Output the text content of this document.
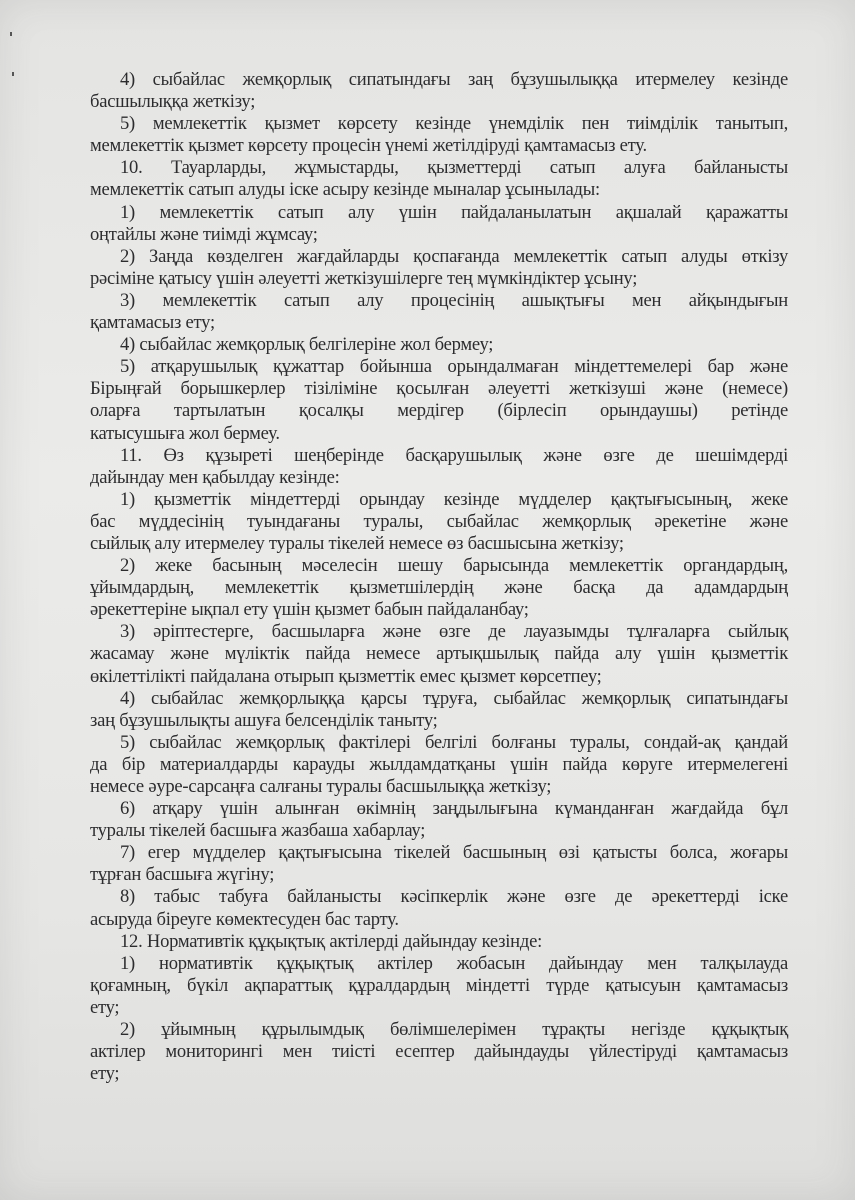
4) сыбайлас жемқорлық сипатындағы заң бұзушылыққа итермелеу кезінде
басшылыққа жеткізу;
5) мемлекеттік қызмет көрсету кезінде үнемділік пен тиімділік танытып,
мемлекеттік қызмет көрсету процесін үнемі жетілдіруді қамтамасыз ету.
10. Тауарларды, жұмыстарды, қызметтерді сатып алуға байланысты
мемлекеттік сатып алуды іске асыру кезінде мыналар ұсынылады:
1) мемлекеттік сатып алу үшін пайдаланылатын ақшалай қаражатты
оңтайлы және тиімді жұмсау;
2) Заңда көзделген жағдайларды қоспағанда мемлекеттік сатып алуды өткізу
рәсіміне қатысу үшін әлеуетті жеткізушілерге тең мүмкіндіктер ұсыну;
3) мемлекеттік сатып алу процесінің ашықтығы мен айқындығын
қамтамасыз ету;
4) сыбайлас жемқорлық белгілеріне жол бермеу;
5) атқарушылық құжаттар бойынша орындалмаған міндеттемелері бар және
Бірыңғай борышкерлер тізіліміне қосылған әлеуетті жеткізуші және (немесе)
оларға тартылатын қосалқы мердігер (бірлесіп орындаушы) ретінде
катысушыға жол бермеу.
11. Өз құзыреті шеңберінде басқарушылық және өзге де шешімдерді
дайындау мен қабылдау кезінде:
1) қызметтік міндеттерді орындау кезінде мүдделер қақтығысының, жеке
бас мүддесінің туындағаны туралы, сыбайлас жемқорлық әрекетіне және
сыйлық алу итермелеу туралы тікелей немесе өз басшысына жеткізу;
2) жеке басының мәселесін шешу барысында мемлекеттік органдардың,
ұйымдардың, мемлекеттік қызметшілердің және басқа да адамдардың
әрекеттеріне ықпал ету үшін қызмет бабын пайдаланбау;
3) әріптестерге, басшыларға және өзге де лауазымды тұлғаларға сыйлық
жасамау және мүліктік пайда немесе артықшылық пайда алу үшін қызметтік
өкілеттілікті пайдалана отырып қызметтік емес қызмет көрсетпеу;
4) сыбайлас жемқорлыққа қарсы тұруға, сыбайлас жемқорлық сипатындағы
заң бұзушылықты ашуға белсенділік таныту;
5) сыбайлас жемқорлық фактілері белгілі болғаны туралы, сондай-ақ қандай
да бір материалдарды карауды жылдамдатқаны үшін пайда көруге итермелегені
немесе әуре-сарсаңға салғаны туралы басшылыққа жеткізу;
6) атқару үшін алынған өкімнің заңдылығына күманданған жағдайда бұл
туралы тікелей басшыға жазбаша хабарлау;
7) егер мүдделер қақтығысына тікелей басшының өзі қатысты болса, жоғары
тұрған басшыға жүгіну;
8) табыс табуға байланысты кәсіпкерлік және өзге де әрекеттерді іске
асыруда біреуге көмектесуден бас тарту.
12. Нормативтік құқықтық актілерді дайындау кезінде:
1) нормативтік құқықтық актілер жобасын дайындау мен талқылауда
қоғамның, бүкіл ақпараттық құралдардың міндетті түрде қатысуын қамтамасыз
ету;
2) ұйымның құрылымдық бөлімшелерімен тұрақты негізде құқықтық
актілер мониторингі мен тиісті есептер дайындауды үйлестіруді қамтамасыз
ету;
